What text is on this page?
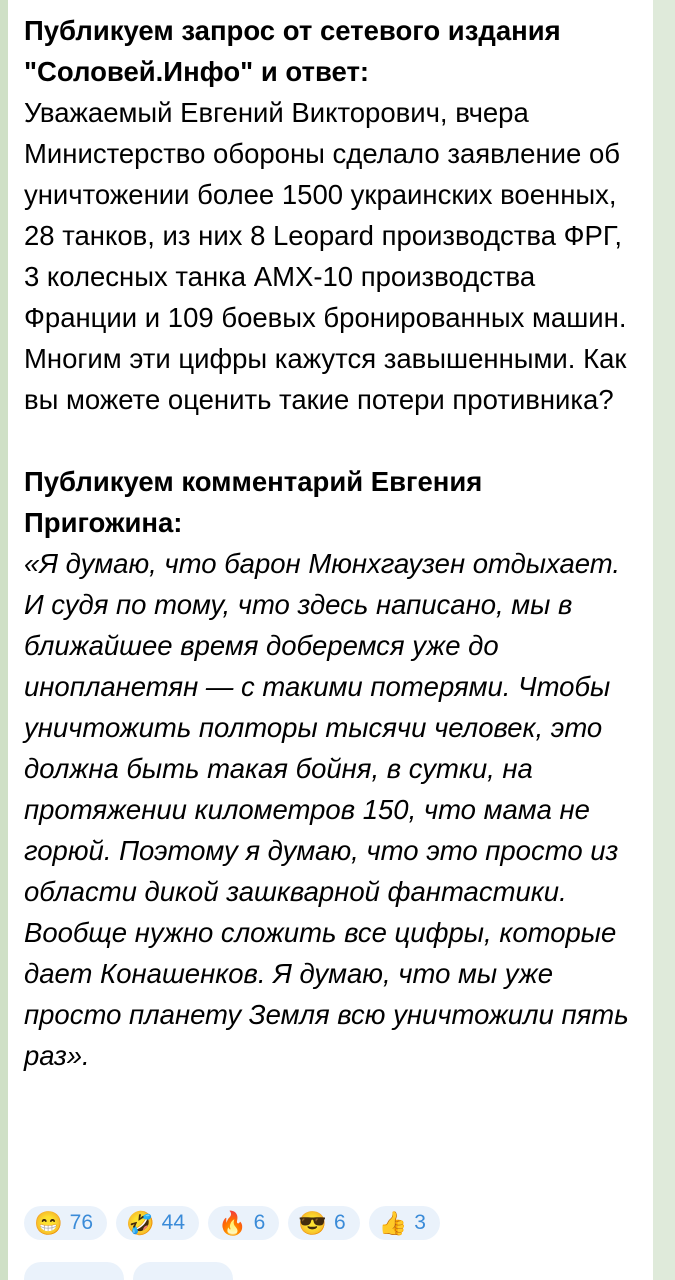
Публикуем запрос от сетевого издания "Соловей.Инфо" и ответ:

Уважаемый Евгений Викторович, вчера Министерство обороны сделало заявление об уничтожении более 1500 украинских военных, 28 танков, из них 8 Leopard производства ФРГ, 3 колесных танка AMX-10 производства Франции и 109 боевых бронированных машин. Многим эти цифры кажутся завышенными. Как вы можете оценить такие потери противника?

Публикуем комментарий Евгения Пригожина:

«Я думаю, что барон Мюнхгаузен отдыхает. И судя по тому, что здесь написано, мы в ближайшее время доберемся уже до инопланетян — с такими потерями. Чтобы уничтожить полторы тысячи человек, это должна быть такая бойня, в сутки, на протяжении километров 150, что мама не горюй. Поэтому я думаю, что это просто из области дикой зашкварной фантастики. Вообще нужно сложить все цифры, которые дает Конашенков. Я думаю, что мы уже просто планету Земля всю уничтожили пять раз».

😁 76 🤣 44 🔥 6 😎 6 👍 3
